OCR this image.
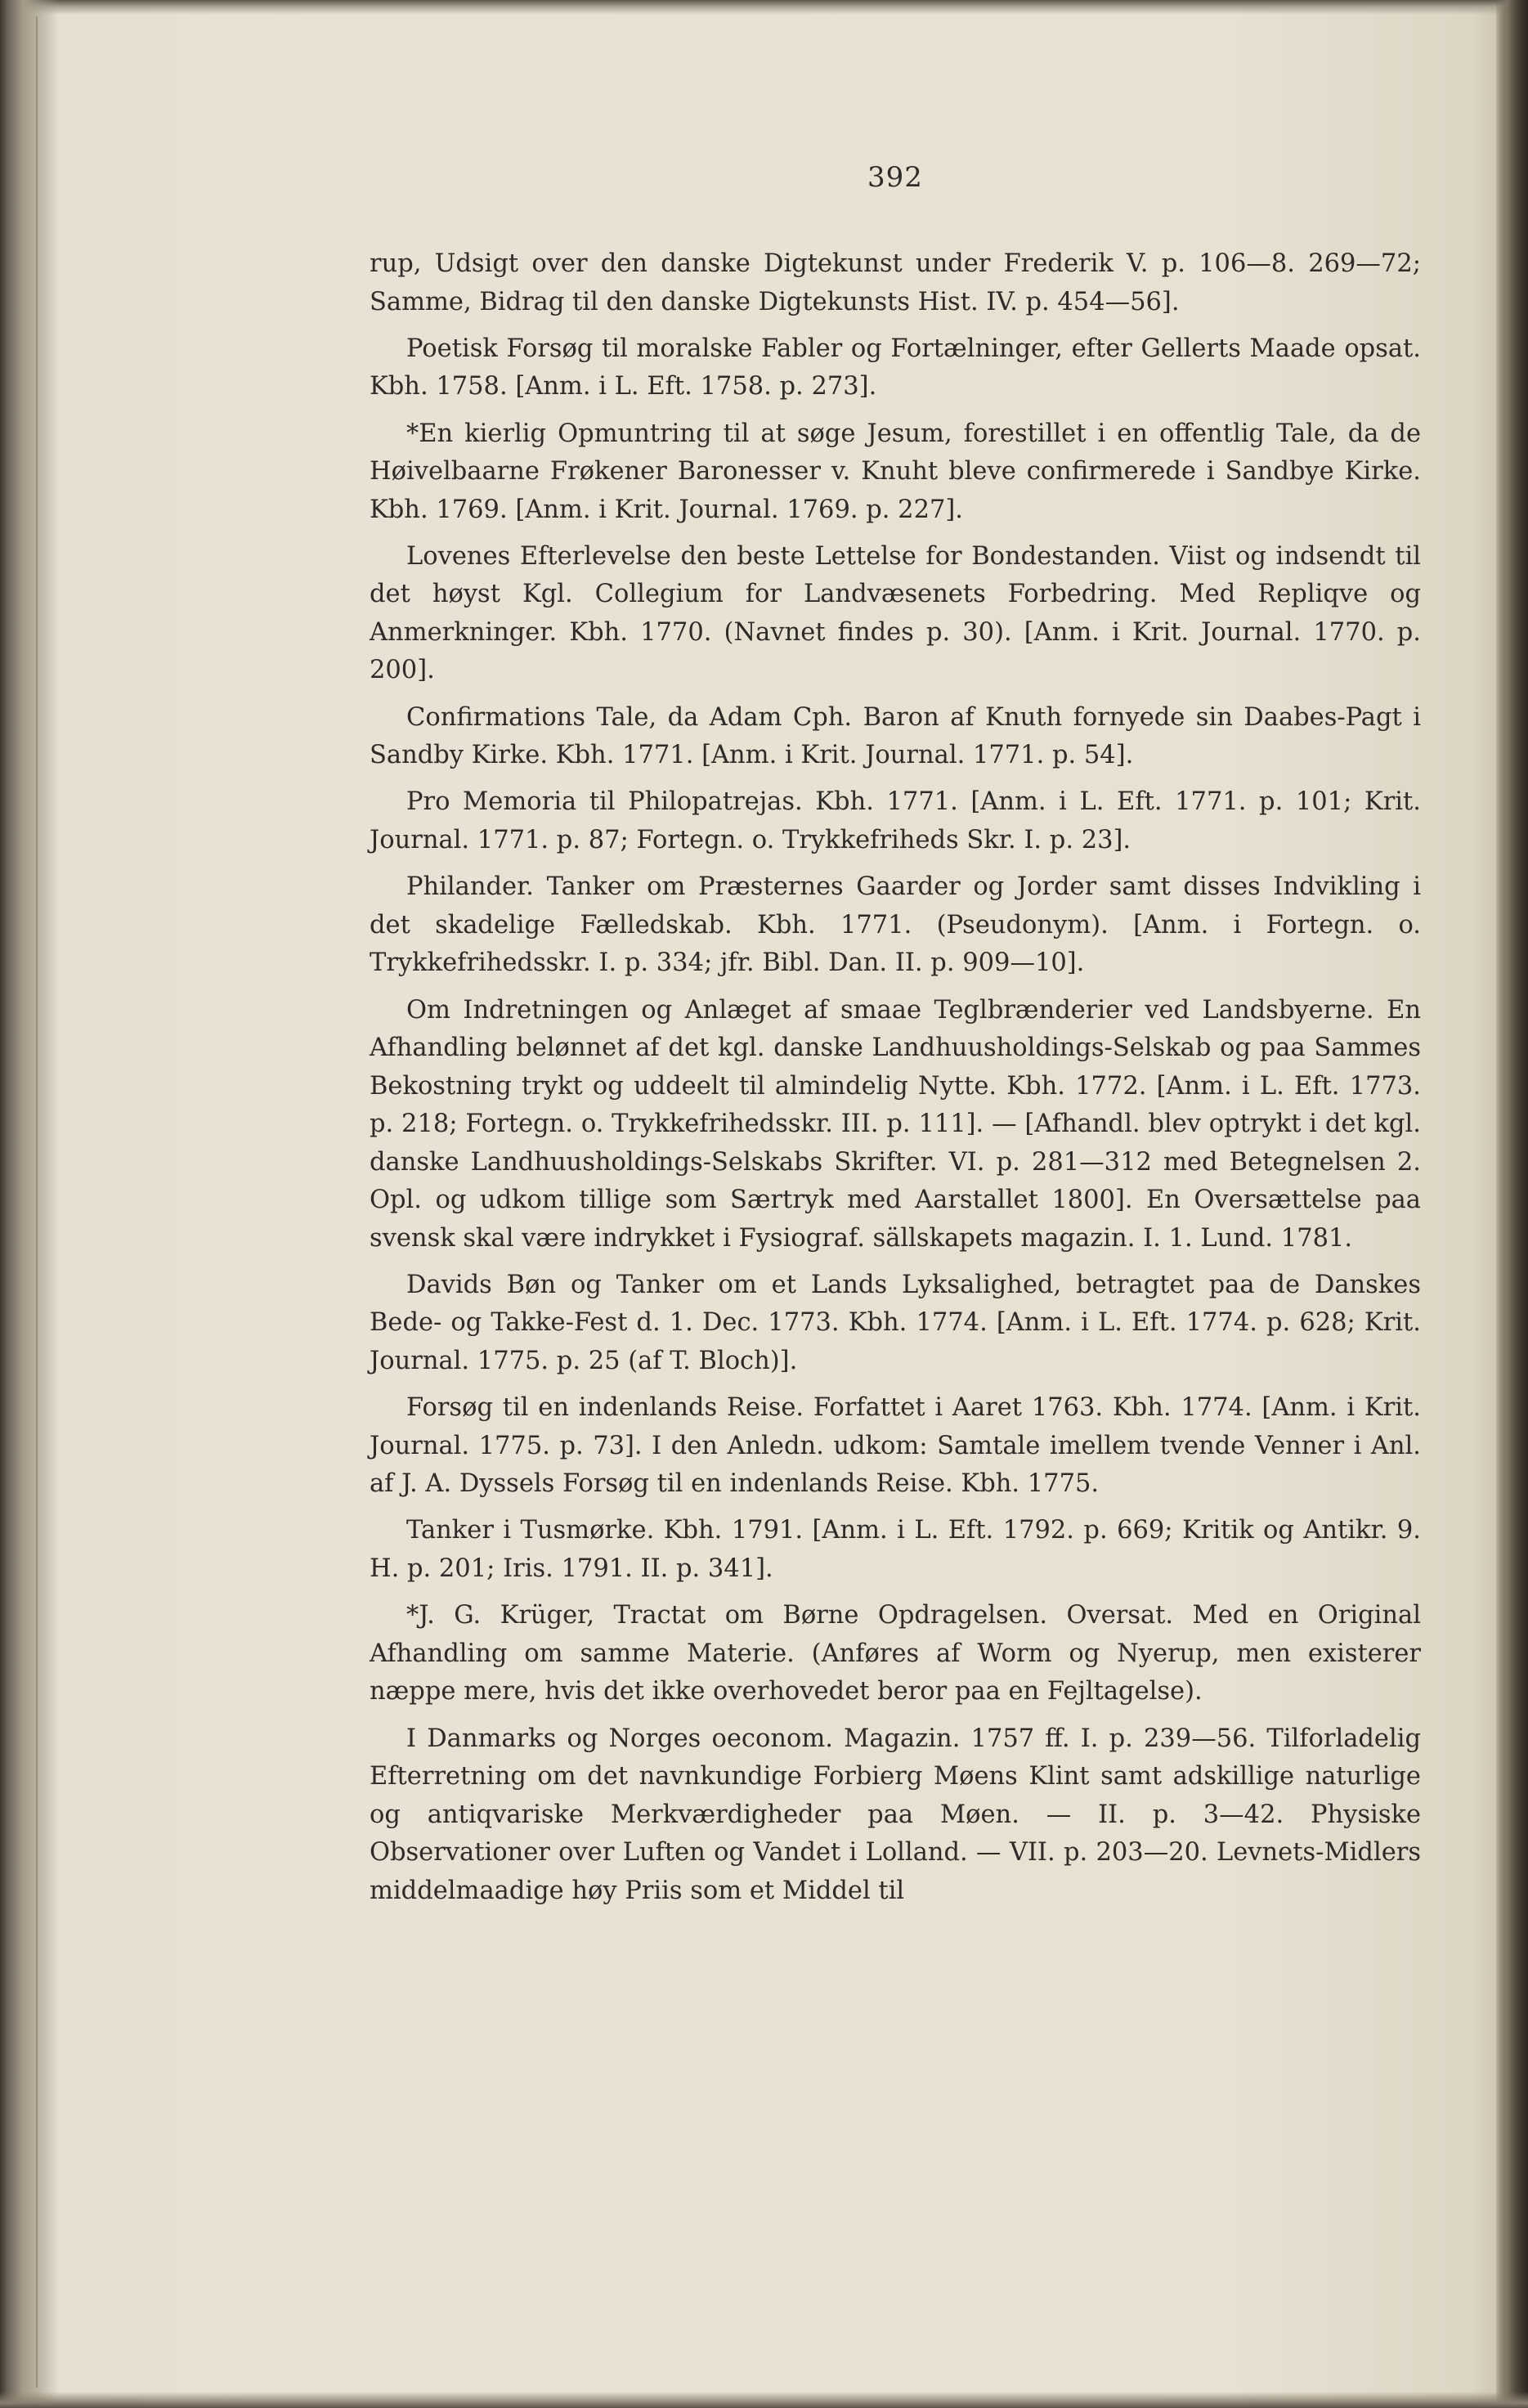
392

rup, Udsigt over den danske Digtekunst under Frederik V. p. 106—8. 269—72; Samme, Bidrag til den danske Digtekunsts Hist. IV. p. 454—56].

Poetisk Forsøg til moralske Fabler og Fortælninger, efter Gellerts Maade opsat. Kbh. 1758. [Anm. i L. Eft. 1758. p. 273].

*En kierlig Opmuntring til at søge Jesum, forestillet i en offentlig Tale, da de Høivelbaarne Frøkener Baronesser v. Knuht bleve confirmerede i Sandbye Kirke. Kbh. 1769. [Anm. i Krit. Journal. 1769. p. 227].

Lovenes Efterlevelse den beste Lettelse for Bondestanden. Viist og indsendt til det høyst Kgl. Collegium for Landvæsenets Forbedring. Med Repliqve og Anmerkninger. Kbh. 1770. (Navnet findes p. 30). [Anm. i Krit. Journal. 1770. p. 200].

Confirmations Tale, da Adam Cph. Baron af Knuth fornyede sin Daabes-Pagt i Sandby Kirke. Kbh. 1771. [Anm. i Krit. Journal. 1771. p. 54].

Pro Memoria til Philopatrejas. Kbh. 1771. [Anm. i L. Eft. 1771. p. 101; Krit. Journal. 1771. p. 87; Fortegn. o. Trykkefriheds Skr. I. p. 23].

Philander. Tanker om Præsternes Gaarder og Jorder samt disses Indvikling i det skadelige Fælledskab. Kbh. 1771. (Pseudonym). [Anm. i Fortegn. o. Trykkefrihedsskr. I. p. 334; jfr. Bibl. Dan. II. p. 909—10].

Om Indretningen og Anlæget af smaae Teglbrænderier ved Landsbyerne. En Afhandling belønnet af det kgl. danske Landhuusholdings-Selskab og paa Sammes Bekostning trykt og uddeelt til almindelig Nytte. Kbh. 1772. [Anm. i L. Eft. 1773. p. 218; Fortegn. o. Trykkefrihedsskr. III. p. 111]. — [Afhandl. blev optrykt i det kgl. danske Landhuusholdings-Selskabs Skrifter. VI. p. 281—312 med Betegnelsen 2. Opl. og udkom tillige som Særtryk med Aarstallet 1800]. En Oversættelse paa svensk skal være indrykket i Fysiograf. sällskapets magazin. I. 1. Lund. 1781.

Davids Bøn og Tanker om et Lands Lyksalighed, betragtet paa de Danskes Bede- og Takke-Fest d. 1. Dec. 1773. Kbh. 1774. [Anm. i L. Eft. 1774. p. 628; Krit. Journal. 1775. p. 25 (af T. Bloch)].

Forsøg til en indenlands Reise. Forfattet i Aaret 1763. Kbh. 1774. [Anm. i Krit. Journal. 1775. p. 73]. I den Anledn. udkom: Samtale imellem tvende Venner i Anl. af J. A. Dyssels Forsøg til en indenlands Reise. Kbh. 1775.

Tanker i Tusmørke. Kbh. 1791. [Anm. i L. Eft. 1792. p. 669; Kritik og Antikr. 9. H. p. 201; Iris. 1791. II. p. 341].

*J. G. Krüger, Tractat om Børne Opdragelsen. Oversat. Med en Original Afhandling om samme Materie. (Anføres af Worm og Nyerup, men existerer næppe mere, hvis det ikke overhovedet beror paa en Fejltagelse).

I Danmarks og Norges oeconom. Magazin. 1757 ff. I. p. 239—56. Tilforladelig Efterretning om det navnkundige Forbierg Møens Klint samt adskillige naturlige og antiqvariske Merkværdigheder paa Møen. — II. p. 3—42. Physiske Observationer over Luften og Vandet i Lolland. — VII. p. 203—20. Levnets-Midlers middelmaadige høy Priis som et Middel til
